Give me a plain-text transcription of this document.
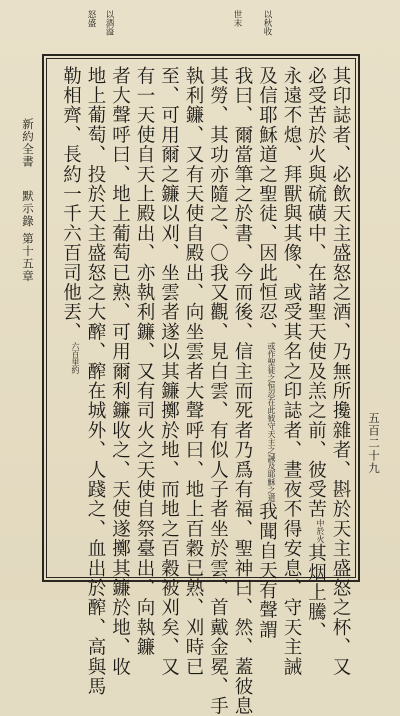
以秋收
世末
以酒溢
怒盛
其印誌者、必飲天主盛怒之酒、乃無所攙雜者、斟於天主盛怒之杯、又
必受苦於火與硫磺中、在諸聖天使及羔之前、彼受苦中於火其烟上騰、
永遠不熄、拜獸與其像、或受其名之印誌者、晝夜不得安息、守天主誡
及信耶穌道之聖徒、因此恒忍、或作聖徒之恒忍在此彼守天主之誡及耶穌之道我聞自天有聲謂
我曰、爾當筆之於書、今而後、信主而死者乃爲有福、聖神曰、然、蓋彼息
其勞、其功亦隨之、〇我又觀、見白雲、有似人子者坐於雲、首戴金冕、手
執利鐮、又有天使自殿出、向坐雲者大聲呼曰、地上百穀已熟、刈時已
至、可用爾之鐮以刈、坐雲者遂以其鐮擲於地、而地之百穀被刈矣、又
有一天使自天上殿出、亦執利鐮、又有司火之天使自祭臺出、向執鐮
者大聲呼曰、地上葡萄已熟、可用爾利鐮收之、天使遂擲其鐮於地、收
地上葡萄、投於天主盛怒之大醡、醡在城外、人踐之、血出於醡、高與馬
勒相齊、長約一千六百司他丟、六百里約
新約全書
默示錄 第十五章
五百二十九
